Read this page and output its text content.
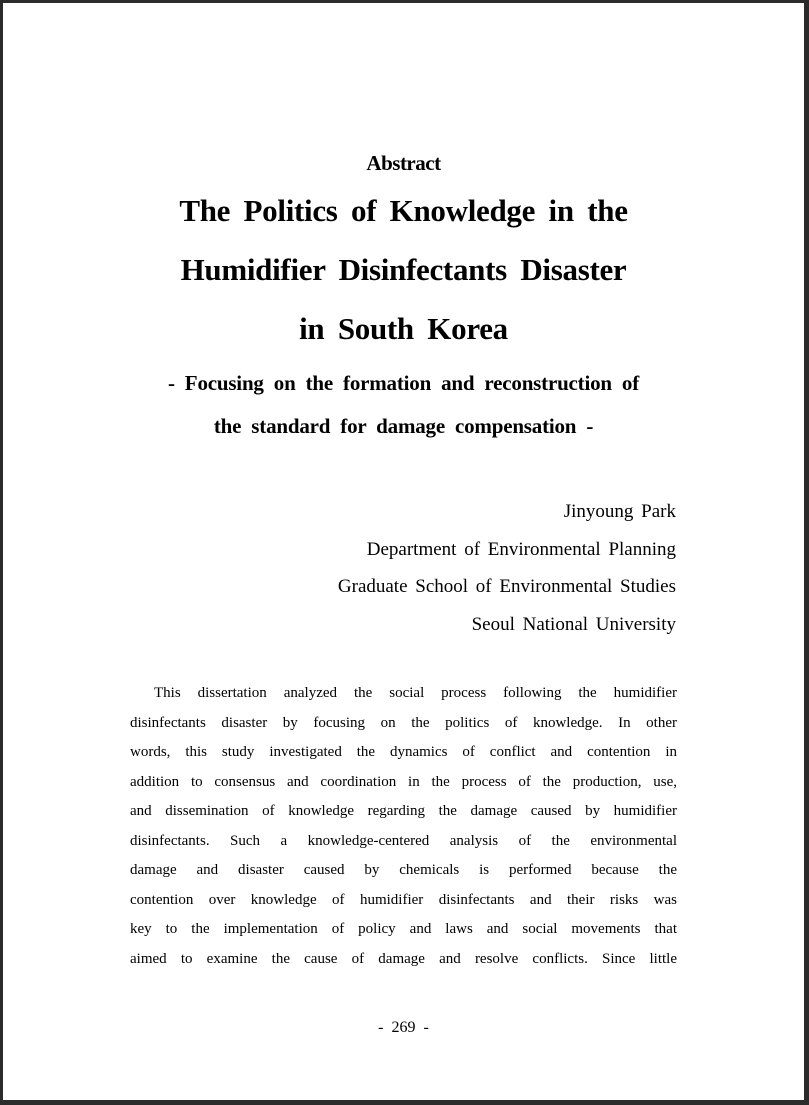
Abstract
The Politics of Knowledge in the
Humidifier Disinfectants Disaster
in South Korea
- Focusing on the formation and reconstruction of
the standard for damage compensation -
Jinyoung Park
Department of Environmental Planning
Graduate School of Environmental Studies
Seoul National University
This dissertation analyzed the social process following the humidifier
disinfectants disaster by focusing on the politics of knowledge. In other
words, this study investigated the dynamics of conflict and contention in
addition to consensus and coordination in the process of the production, use,
and dissemination of knowledge regarding the damage caused by humidifier
disinfectants. Such a knowledge-centered analysis of the environmental
damage and disaster caused by chemicals is performed because the
contention over knowledge of humidifier disinfectants and their risks was
key to the implementation of policy and laws and social movements that
aimed to examine the cause of damage and resolve conflicts. Since little
- 269 -
